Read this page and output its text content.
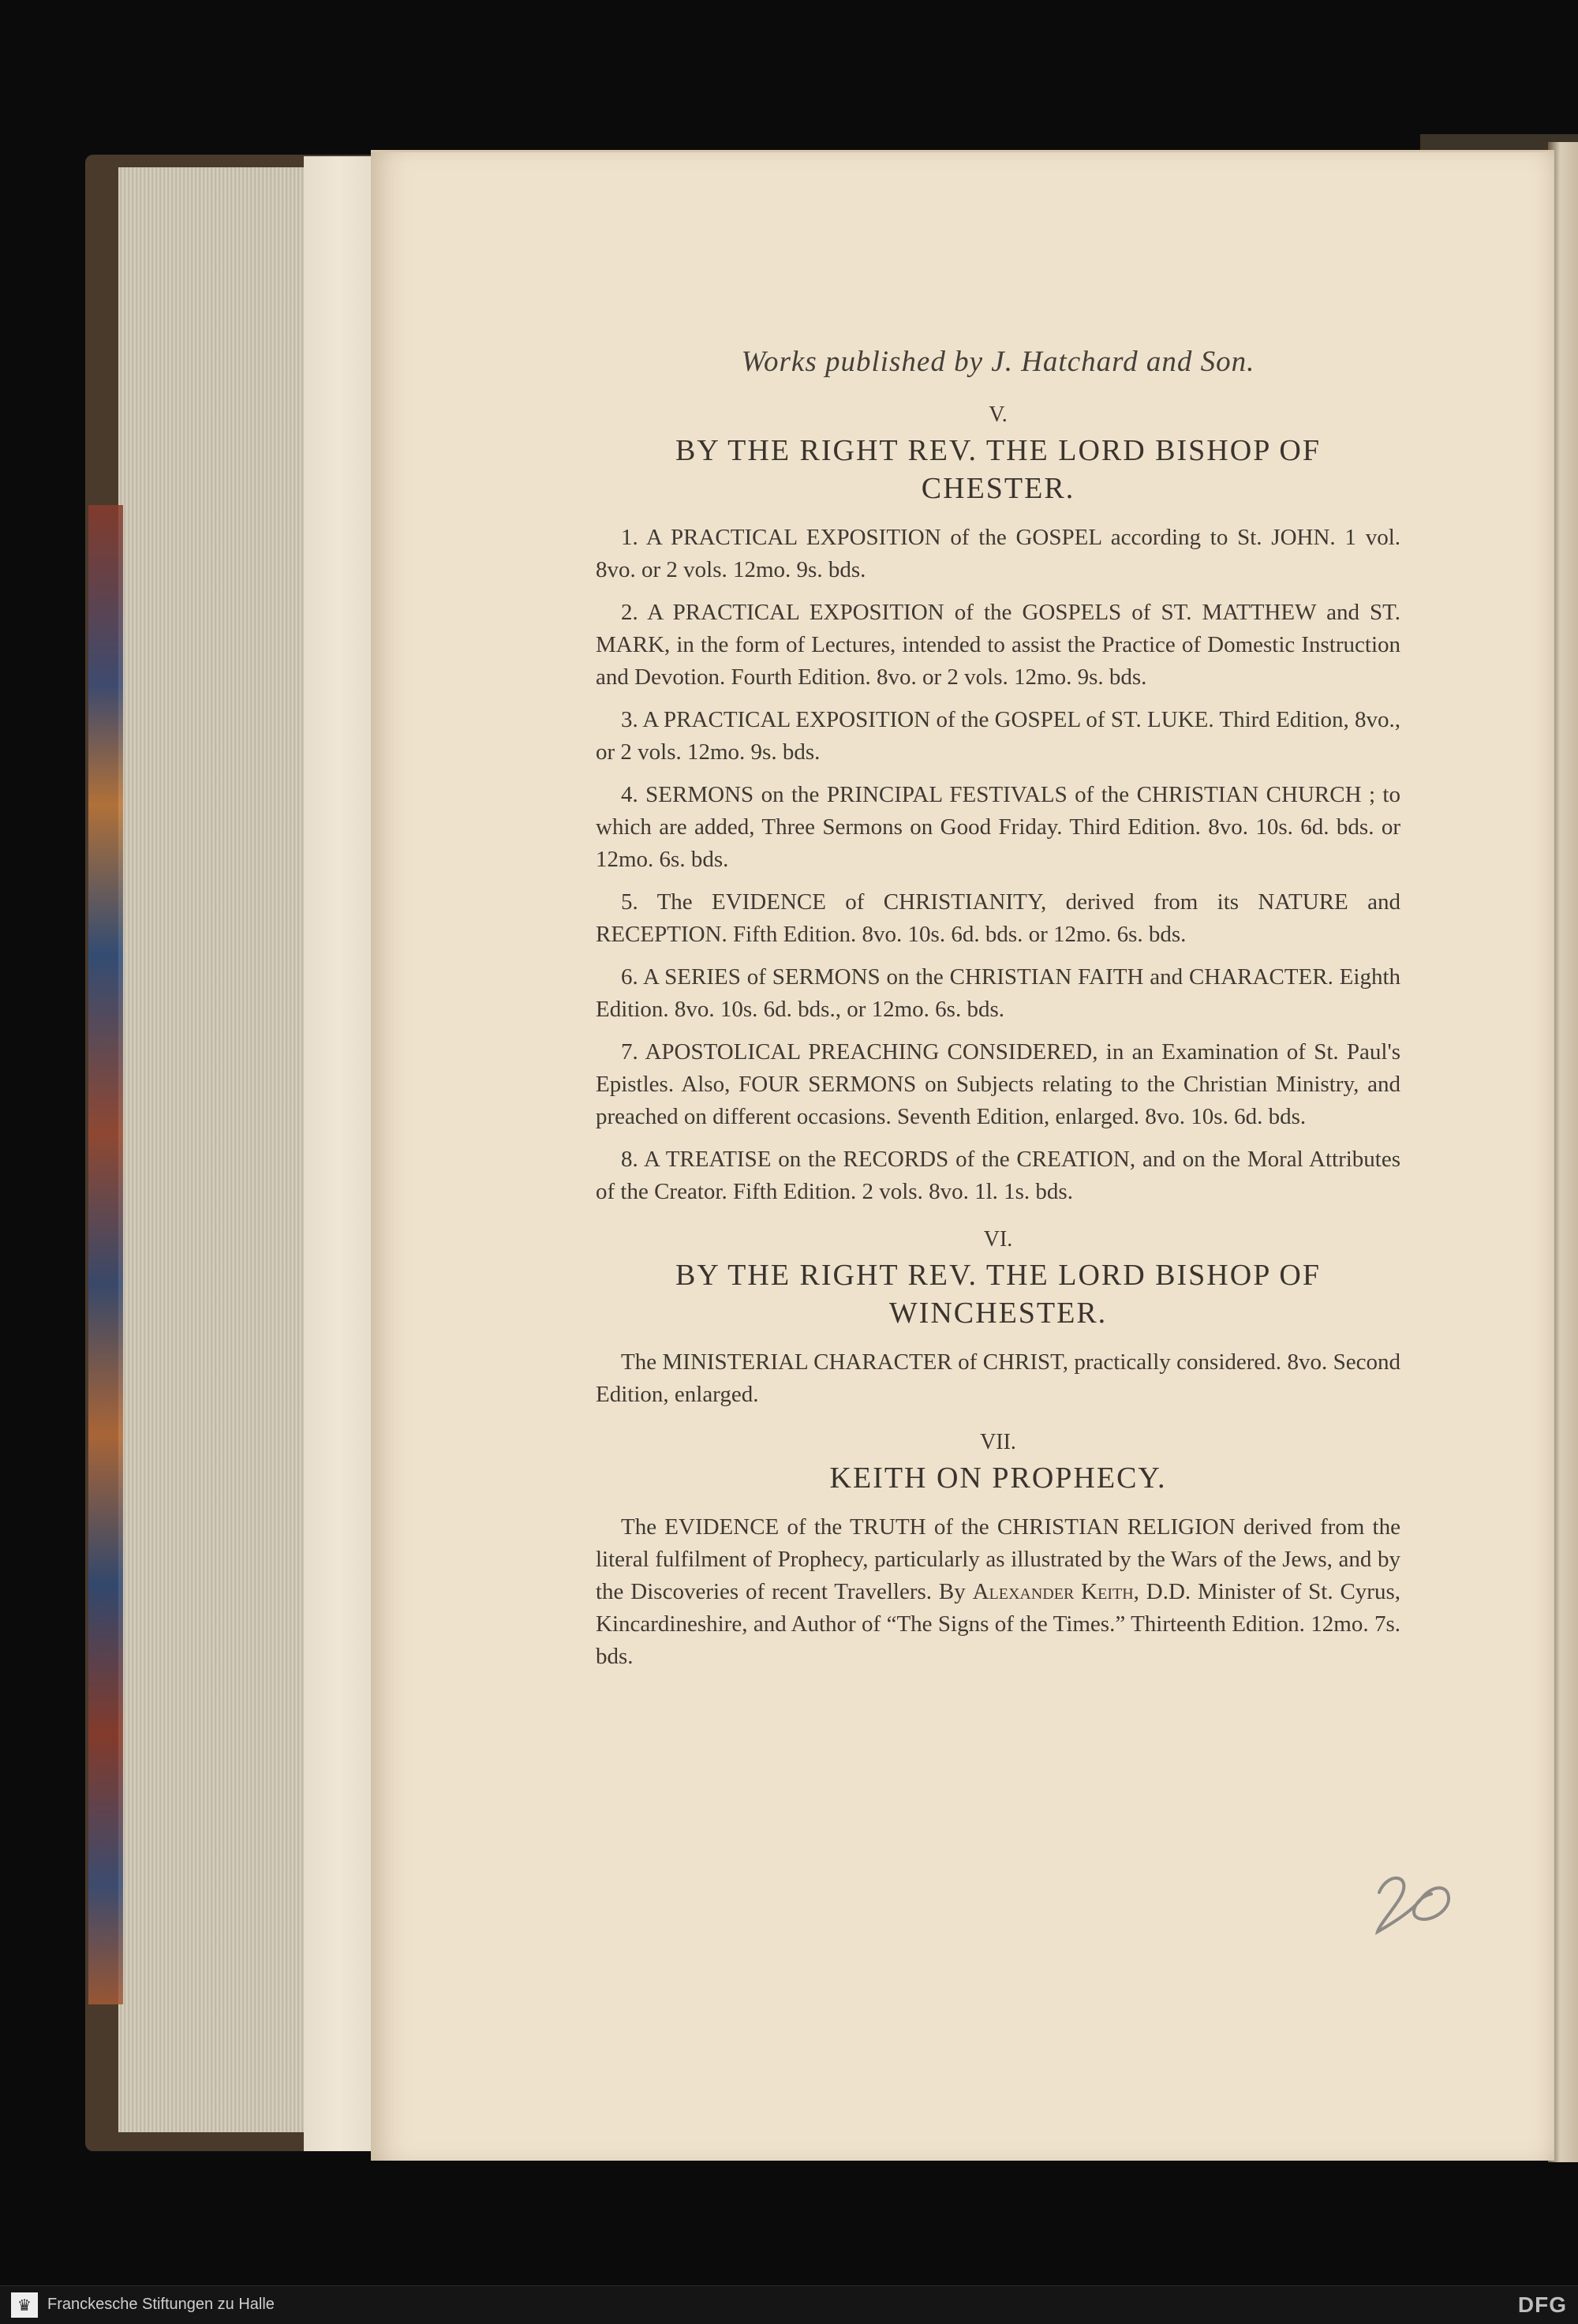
Works published by J. Hatchard and Son.

V.

BY THE RIGHT REV. THE LORD BISHOP OF
CHESTER.

1. A PRACTICAL EXPOSITION of the GOSPEL according to St. JOHN. 1 vol. 8vo. or 2 vols. 12mo. 9s. bds.

2. A PRACTICAL EXPOSITION of the GOSPELS of ST. MATTHEW and ST. MARK, in the form of Lectures, intended to assist the Practice of Domestic Instruction and Devotion. Fourth Edition. 8vo. or 2 vols. 12mo. 9s. bds.

3. A PRACTICAL EXPOSITION of the GOSPEL of ST. LUKE. Third Edition, 8vo., or 2 vols. 12mo. 9s. bds.

4. SERMONS on the PRINCIPAL FESTIVALS of the CHRISTIAN CHURCH ; to which are added, Three Sermons on Good Friday. Third Edition. 8vo. 10s. 6d. bds. or 12mo. 6s. bds.

5. The EVIDENCE of CHRISTIANITY, derived from its NATURE and RECEPTION. Fifth Edition. 8vo. 10s. 6d. bds. or 12mo. 6s. bds.

6. A SERIES of SERMONS on the CHRISTIAN FAITH and CHARACTER. Eighth Edition. 8vo. 10s. 6d. bds., or 12mo. 6s. bds.

7. APOSTOLICAL PREACHING CONSIDERED, in an Examination of St. Paul's Epistles. Also, FOUR SERMONS on Subjects relating to the Christian Ministry, and preached on different occasions. Seventh Edition, enlarged. 8vo. 10s. 6d. bds.

8. A TREATISE on the RECORDS of the CREATION, and on the Moral Attributes of the Creator. Fifth Edition. 2 vols. 8vo. 1l. 1s. bds.

VI.

BY THE RIGHT REV. THE LORD BISHOP OF
WINCHESTER.

The MINISTERIAL CHARACTER of CHRIST, practically considered. 8vo. Second Edition, enlarged.

VII.

KEITH ON PROPHECY.

The EVIDENCE of the TRUTH of the CHRISTIAN RELIGION derived from the literal fulfilment of Prophecy, particularly as illustrated by the Wars of the Jews, and by the Discoveries of recent Travellers. By Alexander Keith, D.D. Minister of St. Cyrus, Kincardineshire, and Author of “The Signs of the Times.” Thirteenth Edition. 12mo. 7s. bds.

20
♛	Franckesche Stiftungen zu Halle	DFG
